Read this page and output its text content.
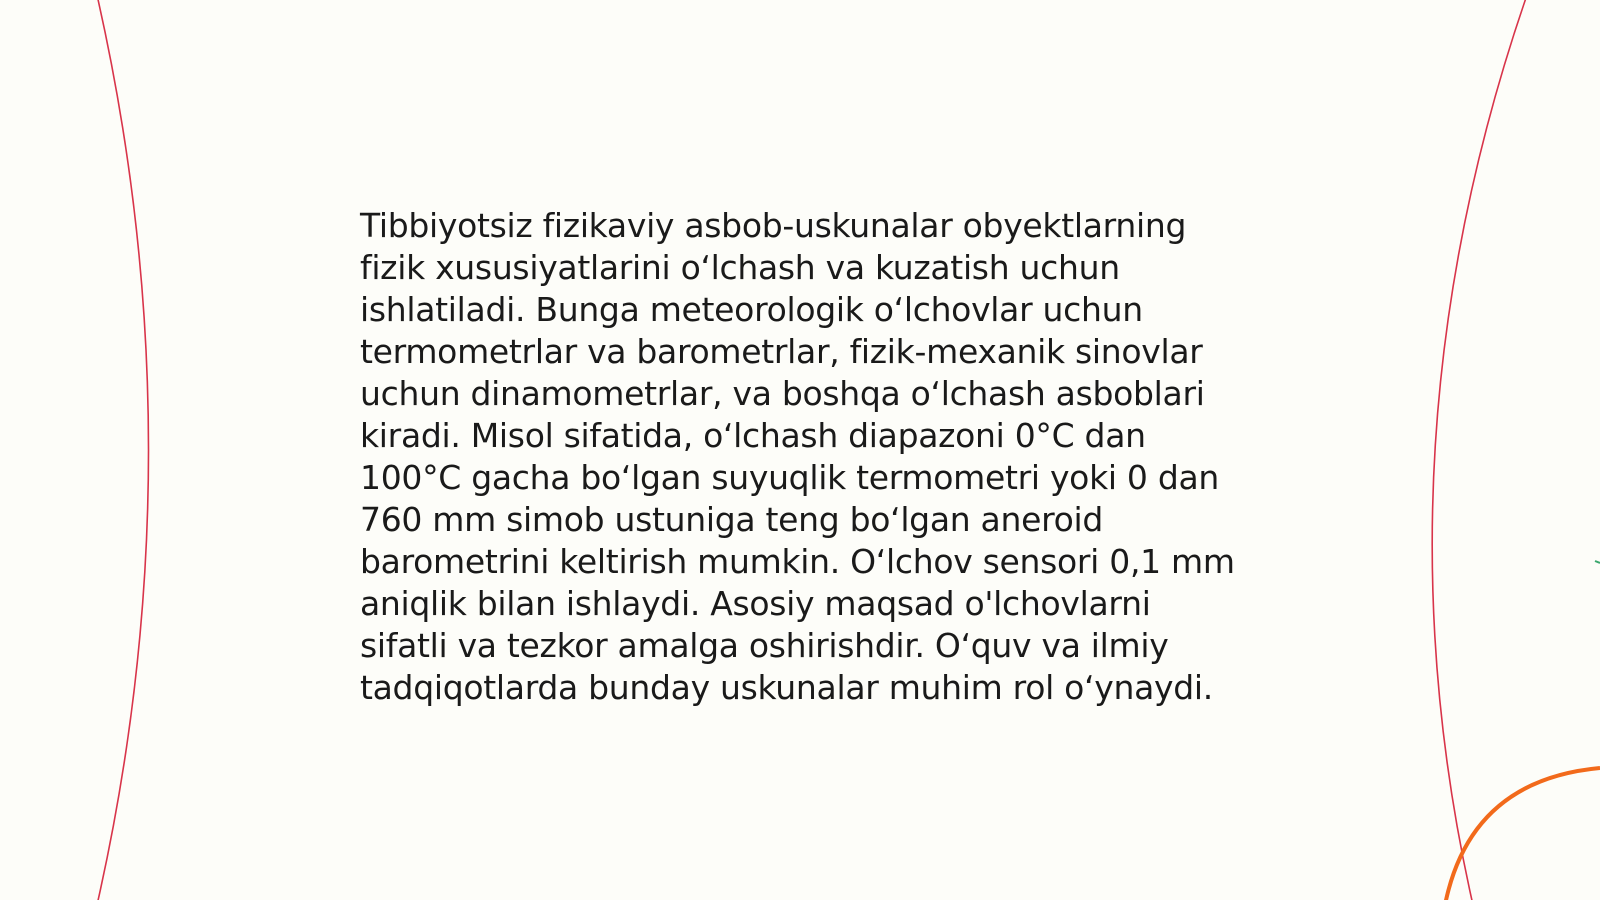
Tibbiyotsiz fizikaviy asbob-uskunalar obyektlarning
fizik xususiyatlarini o‘lchash va kuzatish uchun
ishlatiladi. Bunga meteorologik o‘lchovlar uchun
termometrlar va barometrlar, fizik-mexanik sinovlar
uchun dinamometrlar, va boshqa o‘lchash asboblari
kiradi. Misol sifatida, o‘lchash diapazoni 0°C dan
100°C gacha bo‘lgan suyuqlik termometri yoki 0 dan
760 mm simob ustuniga teng bo‘lgan aneroid
barometrini keltirish mumkin. O‘lchov sensori 0,1 mm
aniqlik bilan ishlaydi. Asosiy maqsad o'lchovlarni
sifatli va tezkor amalga oshirishdir. O‘quv va ilmiy
tadqiqotlarda bunday uskunalar muhim rol o‘ynaydi.
